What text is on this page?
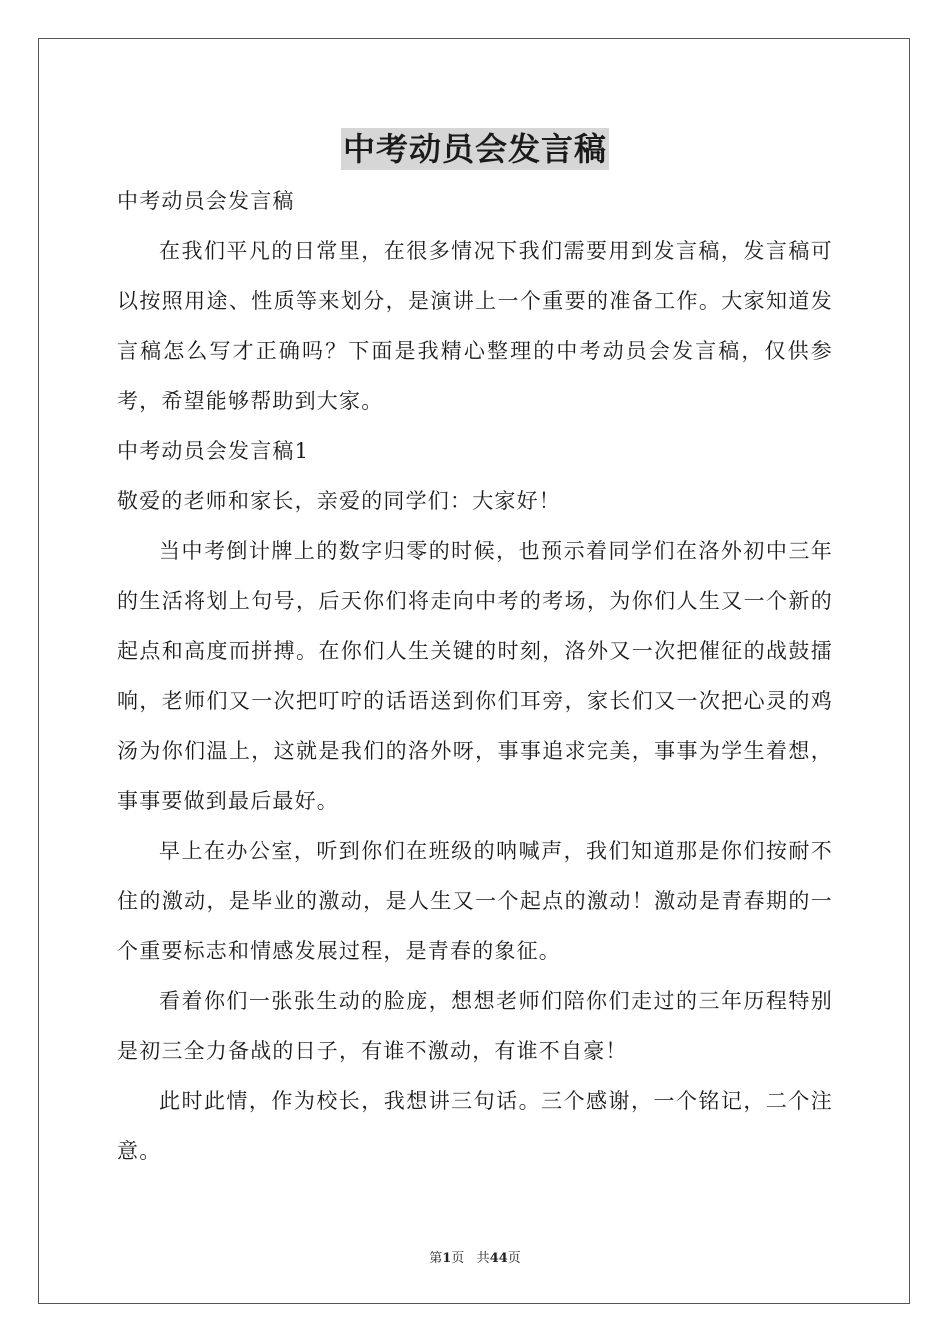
中考动员会发言稿

中考动员会发言稿

在我们平凡的日常里，在很多情况下我们需要用到发言稿，发言稿可以按照用途、性质等来划分，是演讲上一个重要的准备工作。大家知道发言稿怎么写才正确吗？下面是我精心整理的中考动员会发言稿，仅供参考，希望能够帮助到大家。

中考动员会发言稿1

敬爱的老师和家长，亲爱的同学们：大家好！

当中考倒计牌上的数字归零的时候，也预示着同学们在洛外初中三年的生活将划上句号，后天你们将走向中考的考场，为你们人生又一个新的起点和高度而拼搏。在你们人生关键的时刻，洛外又一次把催征的战鼓擂响，老师们又一次把叮咛的话语送到你们耳旁，家长们又一次把心灵的鸡汤为你们温上，这就是我们的洛外呀，事事追求完美，事事为学生着想，事事要做到最后最好。

早上在办公室，听到你们在班级的呐喊声，我们知道那是你们按耐不住的激动，是毕业的激动，是人生又一个起点的激动！激动是青春期的一个重要标志和情感发展过程，是青春的象征。

看着你们一张张生动的脸庞，想想老师们陪你们走过的三年历程特别是初三全力备战的日子，有谁不激动，有谁不自豪！

此时此情，作为校长，我想讲三句话。三个感谢，一个铭记，二个注意。

第1页 共44页
